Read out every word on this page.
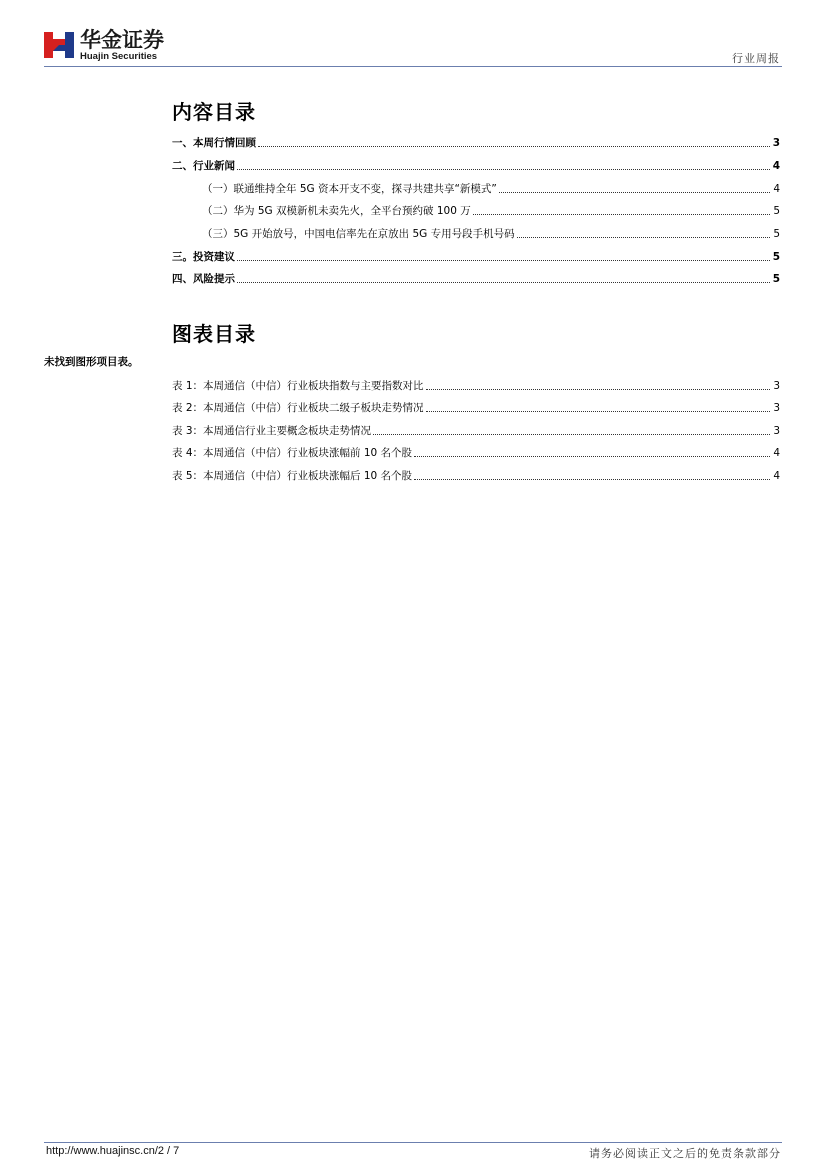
华金证券
Huajin Securities	行业周报
内容目录
一、本周行情回顾	3
二、行业新闻	4
（一）联通维持全年 5G 资本开支不变，探寻共建共享“新模式”	4
（二）华为 5G 双模新机未卖先火，全平台预约破 100 万	5
（三）5G 开始放号，中国电信率先在京放出 5G 专用号段手机号码	5
三。投资建议	5
四、风险提示	5
图表目录
未找到图形项目表。
表 1：本周通信（中信）行业板块指数与主要指数对比	3
表 2：本周通信（中信）行业板块二级子板块走势情况	3
表 3：本周通信行业主要概念板块走势情况	3
表 4：本周通信（中信）行业板块涨幅前 10 名个股	4
表 5：本周通信（中信）行业板块涨幅后 10 名个股	4
http://www.huajinsc.cn/2 / 7	请务必阅读正文之后的免责条款部分
